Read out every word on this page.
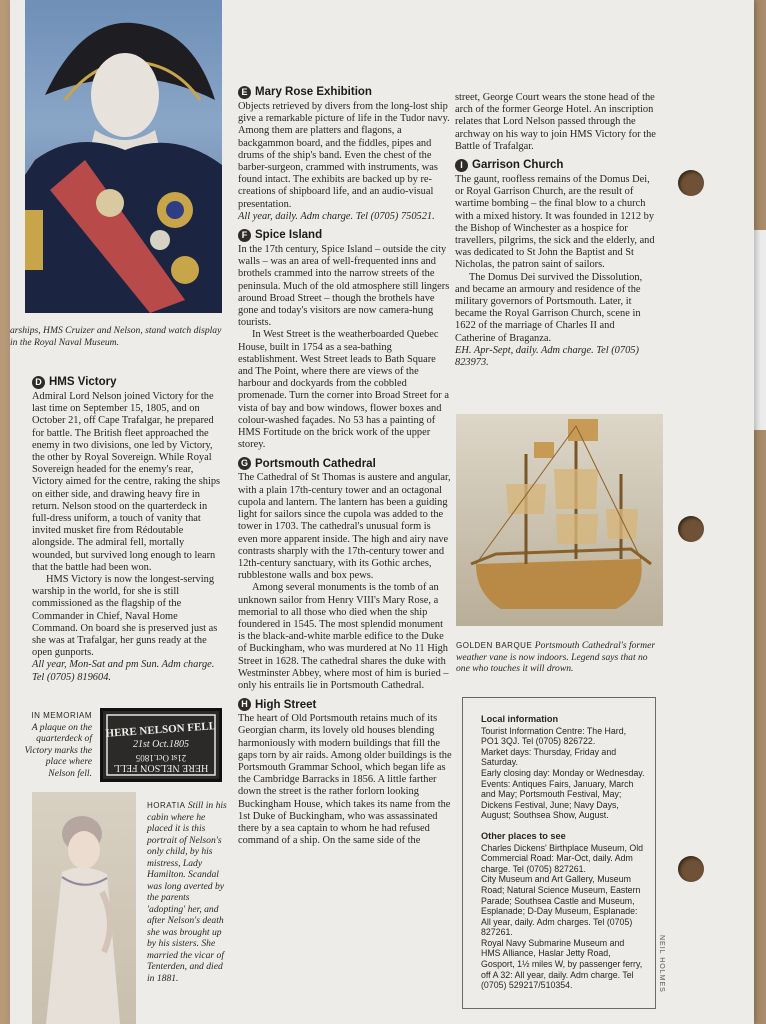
arships, HMS Cruizer and Nelson, stand watch display in the Royal Naval Museum.
D HMS Victory

Admiral Lord Nelson joined Victory for the last time on September 15, 1805, and on October 21, off Cape Trafalgar, he prepared for battle. The British fleet approached the enemy in two divisions, one led by Victory, the other by Royal Sovereign. While Royal Sovereign headed for the enemy's rear, Victory aimed for the centre, raking the ships on either side, and drawing heavy fire in return. Nelson stood on the quarterdeck in full-dress uniform, a touch of vanity that invited musket fire from Rédoutable alongside. The admiral fell, mortally wounded, but survived long enough to learn that the battle had been won.

HMS Victory is now the longest-serving warship in the world, for she is still commissioned as the flagship of the Commander in Chief, Naval Home Command. On board she is preserved just as she was at Trafalgar, her guns ready at the open gunports.

All year, Mon-Sat and pm Sun. Adm charge. Tel (0705) 819604.

IN MEMORIAM
A plaque on the quarterdeck of Victory marks the place where Nelson fell.
HERE NELSON FELL
21st Oct.1805
21st Oct.1805
HERE NELSON FELL
HORATIA Still in his cabin where he placed it is this portrait of Nelson's only child, by his mistress, Lady Hamilton. Scandal was long averted by the parents 'adopting' her, and after Nelson's death she was brought up by his sisters. She married the vicar of Tenterden, and died in 1881.
E Mary Rose Exhibition

Objects retrieved by divers from the long-lost ship give a remarkable picture of life in the Tudor navy. Among them are platters and flagons, a backgammon board, and the fiddles, pipes and drums of the ship's band. Even the chest of the barber-surgeon, crammed with instruments, was found intact. The exhibits are backed up by re-creations of shipboard life, and an audio-visual presentation.

All year, daily. Adm charge. Tel (0705) 750521.

F Spice Island

In the 17th century, Spice Island – outside the city walls – was an area of well-frequented inns and brothels crammed into the narrow streets of the peninsula. Much of the old atmosphere still lingers around Broad Street – though the brothels have gone and today's visitors are now camera-hung tourists.

In West Street is the weatherboarded Quebec House, built in 1754 as a sea-bathing establishment. West Street leads to Bath Square and The Point, where there are views of the harbour and dockyards from the cobbled promenade. Turn the corner into Broad Street for a vista of bay and bow windows, flower boxes and colour-washed façades. No 53 has a painting of HMS Fortitude on the brick work of the upper storey.

G Portsmouth Cathedral

The Cathedral of St Thomas is austere and angular, with a plain 17th-century tower and an octagonal cupola and lantern. The lantern has been a guiding light for sailors since the cupola was added to the tower in 1703. The cathedral's unusual form is even more apparent inside. The high and airy nave contrasts sharply with the 17th-century tower and 12th-century sanctuary, with its Gothic arches, rubblestone walls and box pews.

Among several monuments is the tomb of an unknown sailor from Henry VIII's Mary Rose, a memorial to all those who died when the ship foundered in 1545. The most splendid monument is the black-and-white marble edifice to the Duke of Buckingham, who was murdered at No 11 High Street in 1628. The cathedral shares the duke with Westminster Abbey, where most of him is buried – only his entrails lie in Portsmouth Cathedral.

H High Street

The heart of Old Portsmouth retains much of its Georgian charm, its lovely old houses blending harmoniously with modern buildings that fill the gaps torn by air raids. Among older buildings is the Portsmouth Grammar School, which began life as the Cambridge Barracks in 1856. A little farther down the street is the rather forlorn looking Buckingham House, which takes its name from the 1st Duke of Buckingham, who was assassinated there by a sea captain to whom he had refused command of a ship. On the same side of the

street, George Court wears the stone head of the arch of the former George Hotel. An inscription relates that Lord Nelson passed through the archway on his way to join HMS Victory for the Battle of Trafalgar.

I Garrison Church

The gaunt, roofless remains of the Domus Dei, or Royal Garrison Church, are the result of wartime bombing – the final blow to a church with a mixed history. It was founded in 1212 by the Bishop of Winchester as a hospice for travellers, pilgrims, the sick and the elderly, and was dedicated to St John the Baptist and St Nicholas, the patron saint of sailors.

The Domus Dei survived the Dissolution, and became an armoury and residence of the military governors of Portsmouth. Later, it became the Royal Garrison Church, scene in 1622 of the marriage of Charles II and Catherine of Braganza.

EH. Apr-Sept, daily. Adm charge. Tel (0705) 823973.

GOLDEN BARQUE Portsmouth Cathedral's former weather vane is now indoors. Legend says that no one who touches it will drown.

Local information

Tourist Information Centre: The Hard, PO1 3QJ. Tel (0705) 826722.

Market days: Thursday, Friday and Saturday.

Early closing day: Monday or Wednesday.

Events: Antiques Fairs, January, March and May; Portsmouth Festival, May; Dickens Festival, June; Navy Days, August; Southsea Show, August.

Other places to see

Charles Dickens' Birthplace Museum, Old Commercial Road: Mar-Oct, daily. Adm charge. Tel (0705) 827261.

City Museum and Art Gallery, Museum Road; Natural Science Museum, Eastern Parade; Southsea Castle and Museum, Esplanade; D-Day Museum, Esplanade: All year, daily. Adm charges. Tel (0705) 827261.

Royal Navy Submarine Museum and HMS Alliance, Haslar Jetty Road, Gosport, 1½ miles W, by passenger ferry, off A 32: All year, daily. Adm charge. Tel (0705) 529217/510354.	NEIL HOLMES
